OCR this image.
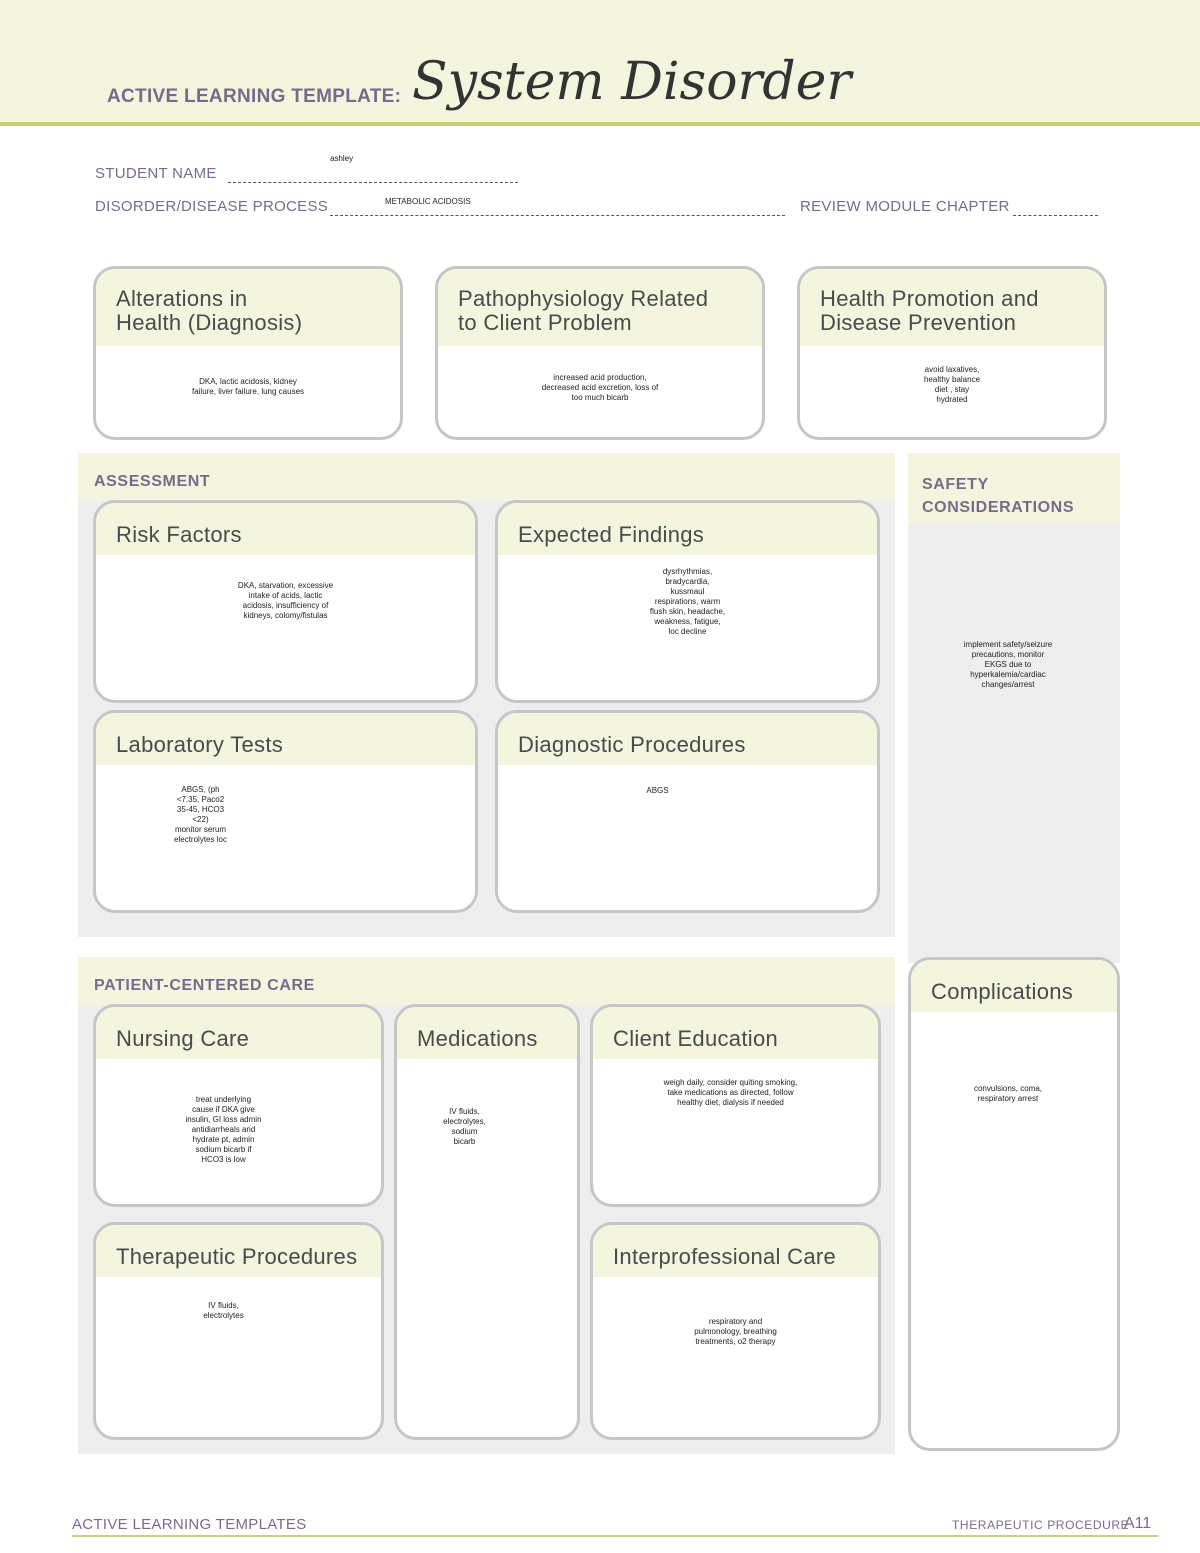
ACTIVE LEARNING TEMPLATE: System Disorder
STUDENT NAME
ashley
DISORDER/DISEASE PROCESS	METABOLIC ACIDOSIS	REVIEW MODULE CHAPTER
Alterations in
Health (Diagnosis)
DKA, lactic acidosis, kidney
failure, liver failure, lung causes
Pathophysiology Related
to Client Problem
increased acid production,
decreased acid excretion, loss of
too much bicarb
Health Promotion and
Disease Prevention
avoid laxatives,
healthy balance
diet , stay
hydrated
ASSESSMENT
Risk Factors
DKA, starvation, excessive
intake of acids, lactic
acidosis, insufficiency of
kidneys, colomy/fistulas
Expected Findings
dysrhythmias,
bradycardia,
kussmaul
respirations, warm
flush skin, headache,
weakness, fatigue,
loc decline
Laboratory Tests
ABGS, (ph
<7.35, Paco2
35-45, HCO3
<22)
monitor serum
electrolytes loc
Diagnostic Procedures
ABGS
SAFETY
CONSIDERATIONS
implement safety/seizure
precautions, monitor
EKGS due to
hyperkalemia/cardiac
changes/arrest
Complications
convulsions, coma,
respiratory arrest
PATIENT-CENTERED CARE
Nursing Care
treat underlying
cause if DKA give
insulin, GI loss admin
antidiarrheals and
hydrate pt, admin
sodium bicarb if
HCO3 is low
Medications
IV fluids,
electrolytes,
sodium
bicarb
Client Education
weigh daily, consider quiting smoking,
take medications as directed, follow
healthy diet, dialysis if needed
Therapeutic Procedures
IV fluids,
electrolytes
Interprofessional Care
respiratory and
pulmonology, breathing
treatments, o2 therapy
ACTIVE LEARNING TEMPLATES	THERAPEUTIC PROCEDURE
A11
